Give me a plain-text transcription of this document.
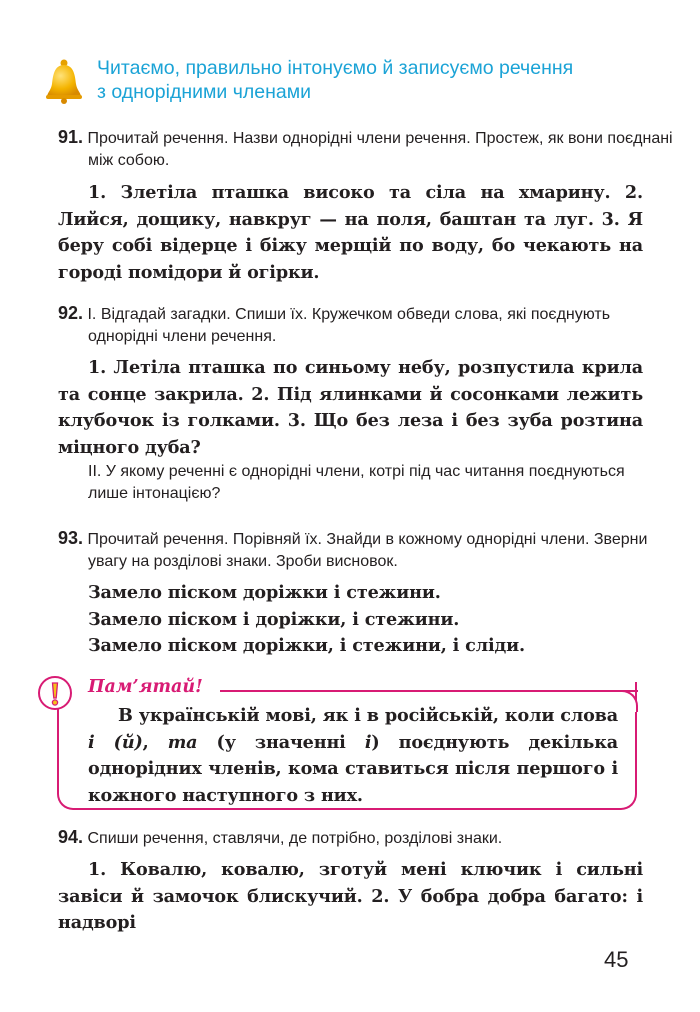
Читаємо, правильно інтонуємо й записуємо речення
з однорідними членами
91. Прочитай речення. Назви однорідні члени речення. Простеж, як вони поєднані між собою.
1. Злетіла пташка високо та сіла на хмарину. 2. Лийся, дощику, навкруг — на поля, баштан та луг. 3. Я беру собі відерце і біжу мерщій по воду, бо чекають на городі помідори й огірки.
92. I. Відгадай загадки. Спиши їх. Кружечком обведи слова, які поєднують однорідні члени речення.
1. Летіла пташка по синьому небу, розпустила крила та сонце закрила. 2. Під ялинками й сосонками лежить клубочок із голками. 3. Що без леза і без зуба розтина міцного дуба?
II. У якому реченні є однорідні члени, котрі під час читання поєднуються лише інтонацією?
93. Прочитай речення. Порівняй їх. Знайди в кожному однорідні члени. Зверни увагу на розділові знаки. Зроби висновок.
Замело піском доріжки і стежини.
Замело піском і доріжки, і стежини.
Замело піском доріжки, і стежини, і сліди.
Пам’ятай!
В українській мові, як і в російській, коли слова і (й), та (у значенні і) поєднують декілька однорідних членів, кома ставиться після першого і кожного наступного з них.
94. Спиши речення, ставлячи, де потрібно, розділові знаки.
1. Ковалю, ковалю, зготуй мені ключик і сильні завіси й замочок блискучий. 2. У бобра добра багато: і надворі
45
